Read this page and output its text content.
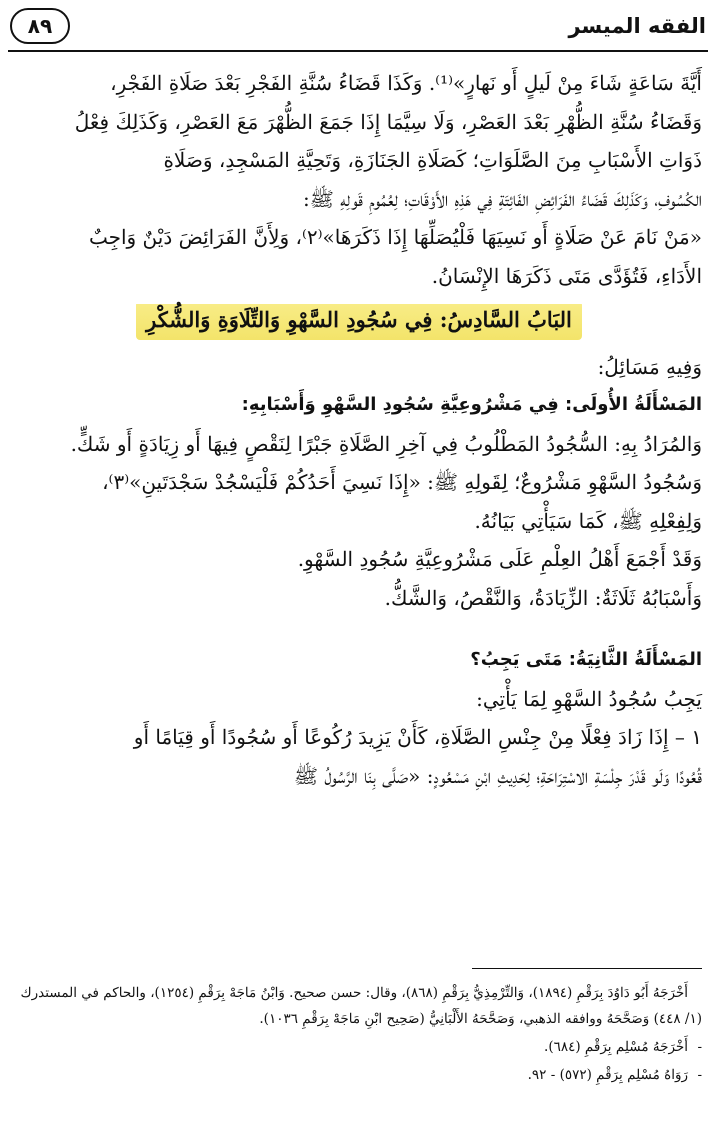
الفقه الميسر
٨٩

أَيَّةَ سَاعَةٍ شَاءَ مِنْ لَيلٍ أَو نَهارٍ»⁽¹⁾. وَكَذَا قَضَاءُ سُنَّةِ الفَجْرِ بَعْدَ صَلَاةِ الفَجْرِ،

وَقَضَاءُ سُنَّةِ الظُّهْرِ بَعْدَ العَصْرِ، وَلَا سِيَّمَا إِذَا جَمَعَ الظُّهْرَ مَعَ العَصْرِ، وَكَذَلِكَ فِعْلُ

ذَوَاتِ الأَسْبَابِ مِنَ الصَّلَوَاتِ؛ كَصَلَاةِ الجَنَازَةِ، وَتَحِيَّةِ المَسْجِدِ، وَصَلَاةِ

الكُسُوفِ، وَكَذَلِكَ قَضَاءُ الفَرَائِضِ الفَائِتَةِ فِي هَذِهِ الأَوْقَاتِ؛ لِعُمُومِ قَولِهِ ﷺ:

«مَنْ نَامَ عَنْ صَلَاةٍ أَو نَسِيَهَا فَلْيُصَلِّهَا إِذَا ذَكَرَهَا»⁽٢⁾، وَلِأَنَّ الفَرَائِضَ دَيْنٌ وَاجِبٌ

الأَدَاءِ، فَتُؤَدَّى مَتَى ذَكَرَهَا الإِنْسَانُ.

البَابُ السَّادِسُ: فِي سُجُودِ السَّهْوِ وَالتِّلَاوَةِ وَالشُّكْرِ

وَفِيهِ مَسَائِلُ:

المَسْأَلَةُ الأُولَى: فِي مَشْرُوعِيَّةِ سُجُودِ السَّهْوِ وَأَسْبَابِهِ:

وَالمُرَادُ بِهِ: السُّجُودُ المَطْلُوبُ فِي آخِرِ الصَّلَاةِ جَبْرًا لِنَقْصٍ فِيهَا أَو زِيَادَةٍ أَو شَكٍّ.

وَسُجُودُ السَّهْوِ مَشْرُوعٌ؛ لِقَولِهِ ﷺ: «إِذَا نَسِيَ أَحَدُكُمْ فَلْيَسْجُدْ سَجْدَتَينِ»⁽٣⁾،

وَلِفِعْلِهِ ﷺ، كَمَا سَيَأْتِي بَيَانُهُ.

وَقَدْ أَجْمَعَ أَهْلُ العِلْمِ عَلَى مَشْرُوعِيَّةِ سُجُودِ السَّهْوِ.

وَأَسْبَابُهُ ثَلَاثَةٌ: الزِّيَادَةُ، وَالنَّقْصُ، وَالشَّكُّ.

المَسْأَلَةُ الثَّانِيَةُ: مَتَى يَجِبُ؟

يَجِبُ سُجُودُ السَّهْوِ لِمَا يَأْتِي:

١ – إِذَا زَادَ فِعْلًا مِنْ جِنْسِ الصَّلَاةِ، كَأَنْ يَزِيدَ رُكُوعًا أَو سُجُودًا أَو قِيَامًا أَو

قُعُودًا وَلَو قَدْرَ جِلْسَةِ الاسْتِرَاحَةِ؛ لِحَدِيثِ ابْنِ مَسْعُودٍ: «صَلَّى بِنَا الرَّسُولُ ﷺ

أَخْرَجَهُ أَبُو دَاوُدَ بِرَقْمِ (١٨٩٤)، وَالتِّرْمِذِيُّ بِرَقْمِ (٨٦٨)، وقال: حسن صحيح. وَابْنُ مَاجَهْ بِرَقْمِ (١٢٥٤)، والحاكم في المستدرك (١/ ٤٤٨) وَصَحَّحَهُ ووافقه الذهبي، وَصَحَّحَهُ الأَلْبَانِيُّ (صَحِيح ابْنِ مَاجَهْ بِرَقْمِ ١٠٣٦).

-أَخْرَجَهُ مُسْلِم بِرَقْمِ (٦٨٤).

-رَوَاهُ مُسْلِم بِرَقْمِ (٥٧٢) - ٩٢.
